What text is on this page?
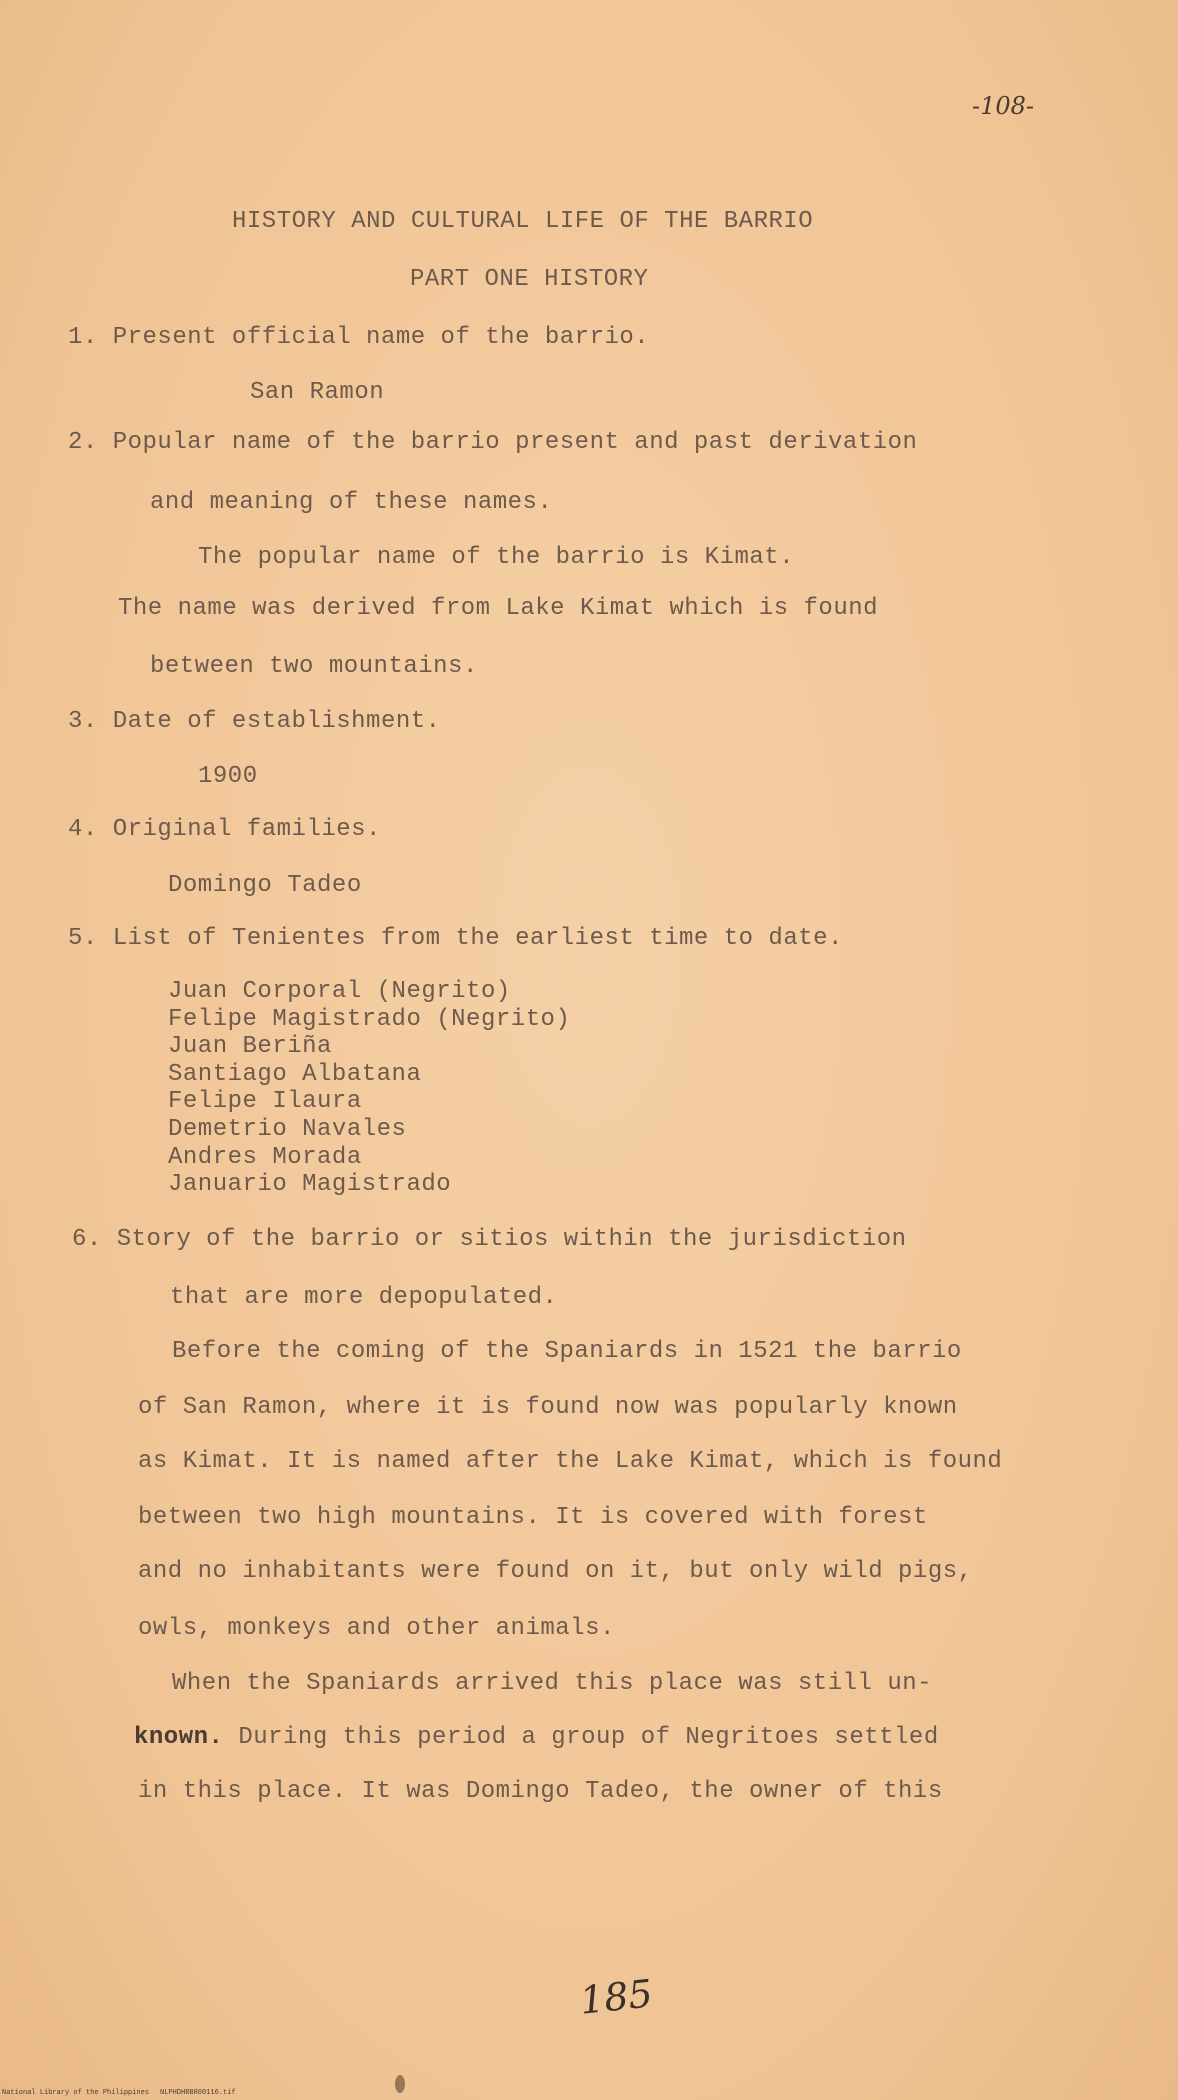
-108-
HISTORY AND CULTURAL LIFE OF THE BARRIO
PART ONE HISTORY
1. Present official name of the barrio.
San Ramon
2. Popular name of the barrio present and past derivation
and meaning of these names.
The popular name of the barrio is Kimat.
The name was derived from Lake Kimat which is found
between two mountains.
3. Date of establishment.
1900
4. Original families.
Domingo Tadeo
5. List of Tenientes from the earliest time to date.
Juan Corporal (Negrito)
Felipe Magistrado (Negrito)
Juan Beriña
Santiago Albatana
Felipe Ilaura
Demetrio Navales
Andres Morada
Januario Magistrado
6. Story of the barrio or sitios within the jurisdiction
that are more depopulated.
Before the coming of the Spaniards in 1521 the barrio
of San Ramon, where it is found now was popularly known
as Kimat. It is named after the Lake Kimat, which is found
between two high mountains. It is covered with forest
and no inhabitants were found on it, but only wild pigs,
owls, monkeys and other animals.
When the Spaniards arrived this place was still un-
known. During this period a group of Negritoes settled
in this place. It was Domingo Tadeo, the owner of this
185
National Library of the Philippines NLPHDHRBR00116.tif
